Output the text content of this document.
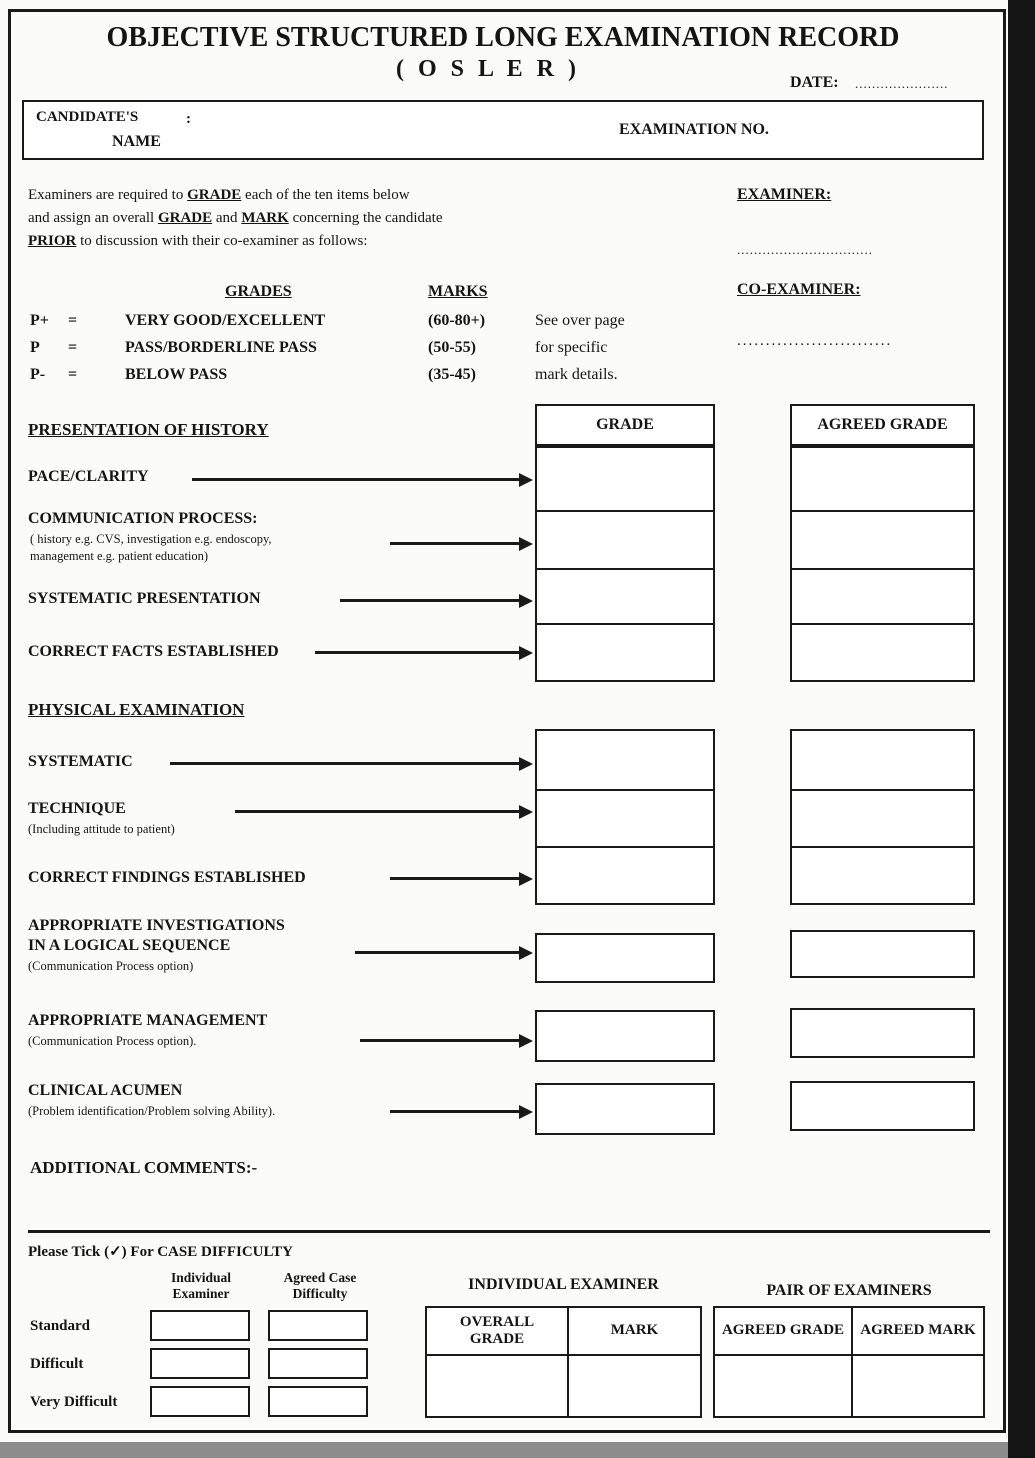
OBJECTIVE STRUCTURED LONG EXAMINATION RECORD
( O S L E R )
DATE: ......................
CANDIDATE'S	:
NAME
EXAMINATION NO.
Examiners are required to GRADE each of the ten items below
and assign an overall GRADE and MARK concerning the candidate
PRIOR to discussion with their co-examiner as follows:
EXAMINER:
................................
CO-EXAMINER:
...........................
GRADES	MARKS
P+ =	VERY GOOD/EXCELLENT	(60-80+)	See over page
P =	PASS/BORDERLINE PASS	(50-55)	for specific
P- =	BELOW PASS	(35-45)	mark details.
PRESENTATION OF HISTORY	GRADE	AGREED GRADE
PACE/CLARITY
COMMUNICATION PROCESS:
( history e.g. CVS, investigation e.g. endoscopy,
management e.g. patient education)
SYSTEMATIC PRESENTATION
CORRECT FACTS ESTABLISHED
PHYSICAL EXAMINATION
SYSTEMATIC
TECHNIQUE
(Including attitude to patient)
CORRECT FINDINGS ESTABLISHED
APPROPRIATE INVESTIGATIONS
IN A LOGICAL SEQUENCE
(Communication Process option)
APPROPRIATE MANAGEMENT
(Communication Process option).
CLINICAL ACUMEN
(Problem identification/Problem solving Ability).
ADDITIONAL COMMENTS:-
Please Tick (✓) For CASE DIFFICULTY
Individual
Examiner
Agreed Case
Difficulty
Standard
Difficult
Very Difficult
INDIVIDUAL EXAMINER
OVERALL GRADE
MARK
PAIR OF EXAMINERS
AGREED GRADE AGREED MARK
